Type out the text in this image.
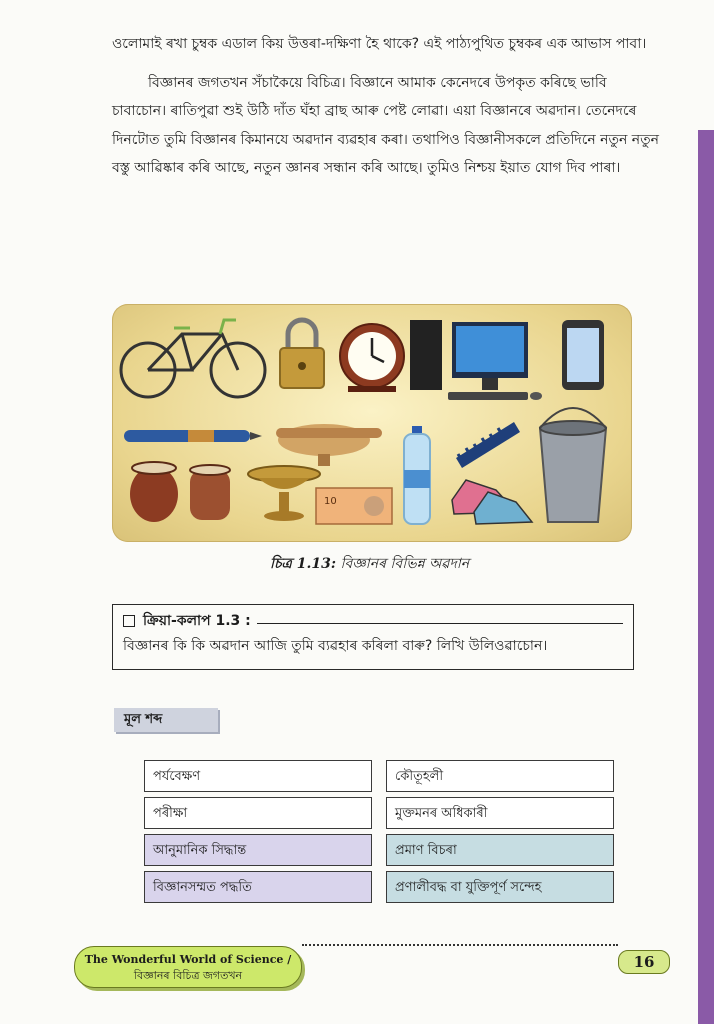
ওলোমাই ৰখা চুম্বক এডাল কিয় উত্তৰা-দক্ষিণা হৈ থাকে? এই পাঠ্যপুথিত চুম্বকৰ এক আভাস পাবা।

বিজ্ঞানৰ জগতখন সঁচাকৈয়ে বিচিত্ৰ। বিজ্ঞানে আমাক কেনেদৰে উপকৃত কৰিছে ভাবি চাবাচোন। ৰাতিপুৱা শুই উঠি দাঁত ঘঁহা ব্ৰাছ আৰু পেষ্ট লোৱা। এয়া বিজ্ঞানৰে অৱদান। তেনেদৰে দিনটোত তুমি বিজ্ঞানৰ কিমানযে অৱদান ব্যৱহাৰ কৰা। তথাপিও বিজ্ঞানীসকলে প্ৰতিদিনে নতুন নতুন বস্তু আৱিষ্কাৰ কৰি আছে, নতুন জ্ঞানৰ সন্ধান কৰি আছে। তুমিও নিশ্চয় ইয়াত যোগ দিব পাৰা।

10
চিত্ৰ 1.13: বিজ্ঞানৰ বিভিন্ন অৱদান
ক্ৰিয়া-কলাপ 1.3 :
বিজ্ঞানৰ কি কি অৱদান আজি তুমি ব্যৱহাৰ কৰিলা বাৰু? লিখি উলিওৱাচোন।
মূল শব্দ
পৰ্যবেক্ষণ
পৰীক্ষা
আনুমানিক সিদ্ধান্ত
বিজ্ঞানসম্মত পদ্ধতি
কৌতূহলী
মুক্তমনৰ অধিকাৰী
প্ৰমাণ বিচৰা
প্ৰণালীবদ্ধ বা যুক্তিপূৰ্ণ সন্দেহ
The Wonderful World of Science /
বিজ্ঞানৰ বিচিত্ৰ জগতখন
16
